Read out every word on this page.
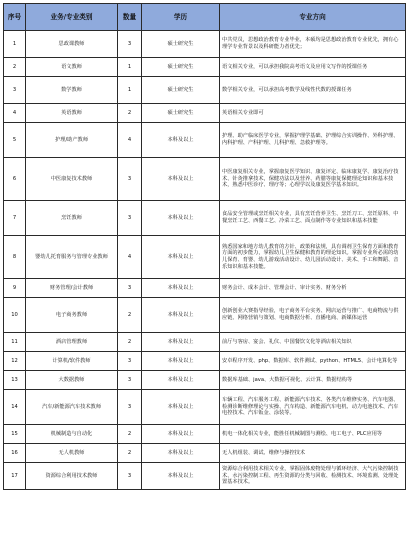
序号	业务/专业类别	数量	学历	专业方向
1	思政课教师	3	硕士研究生	中共党员，思想政治教育专业毕业，本硕均是思想政治教育专业优先，拥有心理学专业背景以及科研能力者优先；
2	语文教师	1	硕士研究生	语文相关专业，可以承担我院高考语文及应用文写作的授课任务
3	数学教师	1	硕士研究生	数学相关专业，可以承担高考数学及线性代数的授课任务
4	英语教师	2	硕士研究生	英语相关专业即可
5	护理/助产教师	4	本科及以上	护理、助产临床医学专业，掌握护理学基础、护理综合实训操作、外科护理、内科护理、产科护理、儿科护理、急救护理等。
6	中医康复技术教师	3	本科及以上	中医康复相关专业，掌握康复医学知识、康复评定、临床康复学、康复治疗技术、针灸推拿技术，保健功法以及营养、药膳等康复保健理论知识和基本技术，熟悉中医诊疗、理疗等；心理学以及康复医学基本知识。
7	烹饪教师	3	本科及以上	食品安全管理或烹饪相关专业，具有烹饪营养卫生、烹饪刀工、烹饪原料、中餐烹饪工艺、西餐工艺、冷菜工艺、面点制作等专业知识和基本技能
8	婴幼儿托育服务与管理专业教师	4	本科及以上	熟悉国家和地方幼儿教育的方针、政策和法规，具有调剂卫生保育方面和教育方面的初步能力，掌握幼儿卫生保健和教育的理论知识。掌握专业所必需的幼儿保育、育婴、幼儿游戏活动设计、幼儿园活动设计、美术、手工和舞蹈、音乐知识和基本技能。
9	财务管理/会计教师	3	本科及以上	财务会计、成本会计、管理会计、审计实务、财务分析
10	电子商务教师	2	本科及以上	创新创业大赛指导经验，电子商务平台实务、网店运营与推广、电商物流与供应链、网络营销与策划、电商数据分析、直播电商、新媒体运营
11	酒店管理教师	2	本科及以上	前厅与客房、宴会、礼仪、中国餐饮文化等酒店相关知识
12	计算机/软件教师	3	本科及以上	安卓程序开发、php、数据库、软件测试、python、HTML5、会计电算化等
13	大数据教师	3	本科及以上	数据库基础、java、大数据可视化、云计算、数据结构等
14	汽车/新能源汽车技术教师	3	本科及以上	车辆工程、汽车服务工程、新能源汽车技术、各类汽车维修实务、汽车电器、检测诊断维修理论与实操、汽车构造、新能源汽车电机、动力电池技术、汽车电控技术、汽车钣金、涂装等。
15	机械制造与自动化	2	本科及以上	机电一体化相关专业，能胜任机械制图与测绘、电工电子、PLC应用等
16	无人机教师	2	本科及以上	无人机组装、调试、维修与操控技术
17	资源综合利用技术教师	3	本科及以上	资源综合利用技术相关专业，掌握固体废物处理与循环经济、大气污染控制技术、水污染控制工程、再生资源的分类与回收、检测技术、环境监测、处理处置基本技术。
